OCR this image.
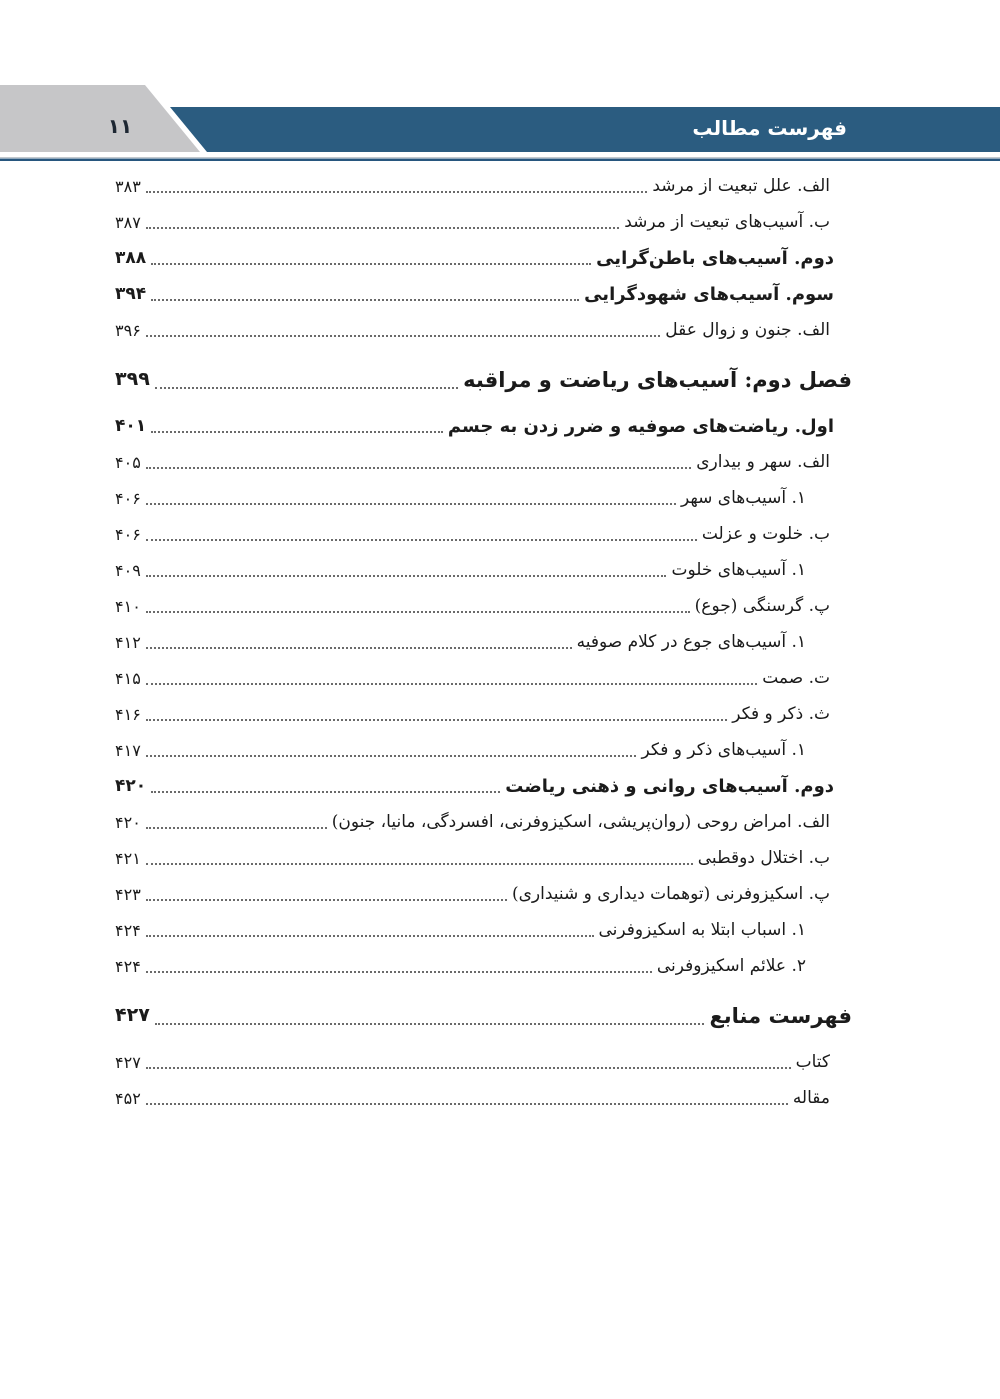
۱۱	فهرست مطالب
الف. علل تبعیت از مرشد
۳۸۳
ب. آسیب‌های تبعیت از مرشد
۳۸۷
دوم. آسیب‌های باطن‌گرایی
۳۸۸
سوم. آسیب‌های شهودگرایی
۳۹۴
الف. جنون و زوال عقل
۳۹۶
فصل دوم: آسیب‌های ریاضت و مراقبه
۳۹۹
اول. ریاضت‌های صوفیه و ضرر زدن به جسم
۴۰۱
الف. سهر و بیداری
۴۰۵
۱. آسیب‌های سهر
۴۰۶
ب. خلوت و عزلت
۴۰۶
۱. آسیب‌های خلوت
۴۰۹
پ. گرسنگی (جوع)
۴۱۰
۱. آسیب‌های جوع در کلام صوفیه
۴۱۲
ت. صمت
۴۱۵
ث. ذکر و فکر
۴۱۶
۱. آسیب‌های ذکر و فکر
۴۱۷
دوم. آسیب‌های روانی و ذهنی ریاضت
۴۲۰
الف. امراض روحی (روان‌پریشی، اسکیزوفرنی، افسردگی، مانیا، جنون)
۴۲۰
ب. اختلال دوقطبی
۴۲۱
پ. اسکیزوفرنی (توهمات دیداری و شنیداری)
۴۲۳
۱. اسباب ابتلا به اسکیزوفرنی
۴۲۴
۲. علائم اسکیزوفرنی
۴۲۴
فهرست منابع
۴۲۷
کتاب
۴۲۷
مقاله
۴۵۲
